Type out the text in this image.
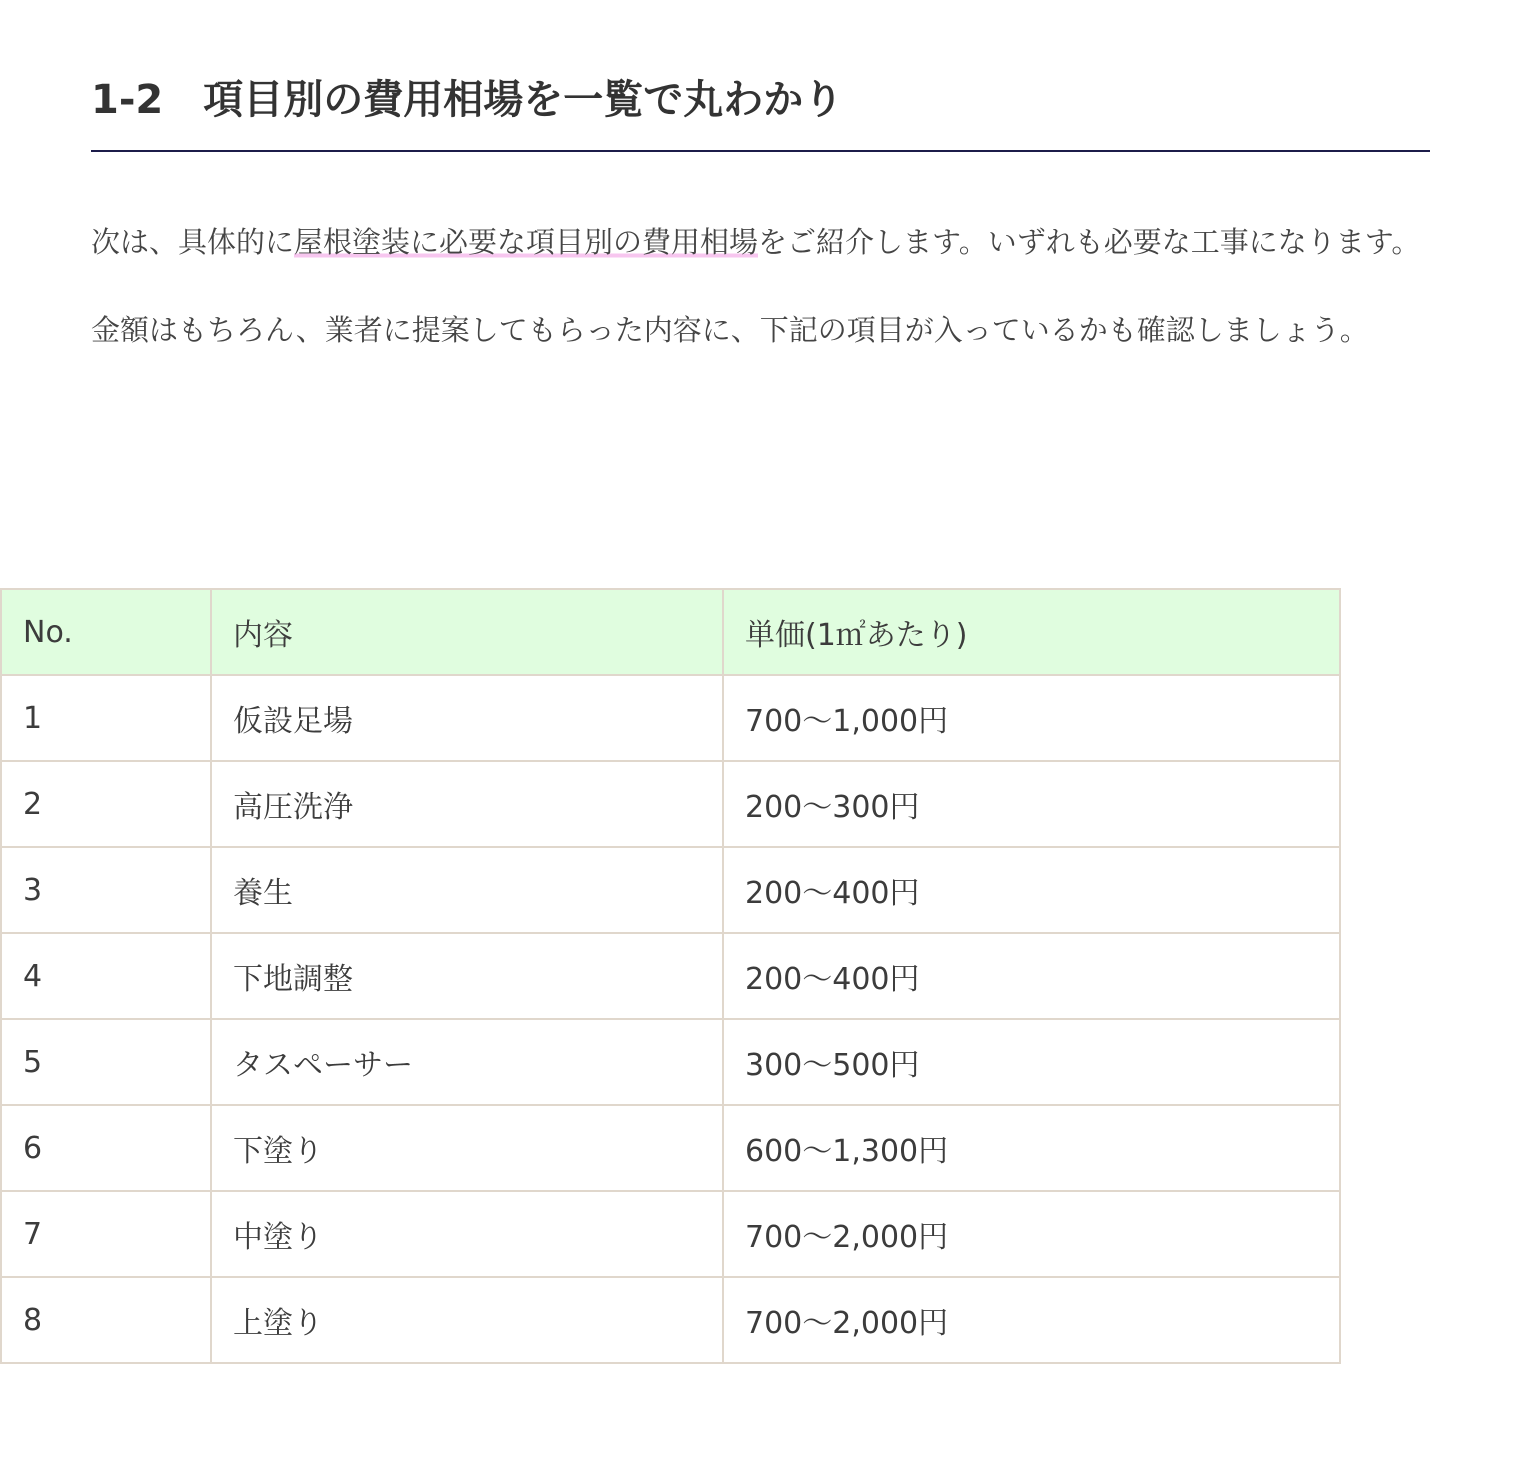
1-2　項目別の費用相場を一覧で丸わかり

次は、具体的に屋根塗装に必要な項目別の費用相場をご紹介します。いずれも必要な工事になります。

金額はもちろん、業者に提案してもらった内容に、下記の項目が入っているかも確認しましょう。

No.	内容	単価(1㎡あたり)
1	仮設足場	700〜1,000円
2	高圧洗浄	200〜300円
3	養生	200〜400円
4	下地調整	200〜400円
5	タスペーサー	300〜500円
6	下塗り	600〜1,300円
7	中塗り	700〜2,000円
8	上塗り	700〜2,000円
